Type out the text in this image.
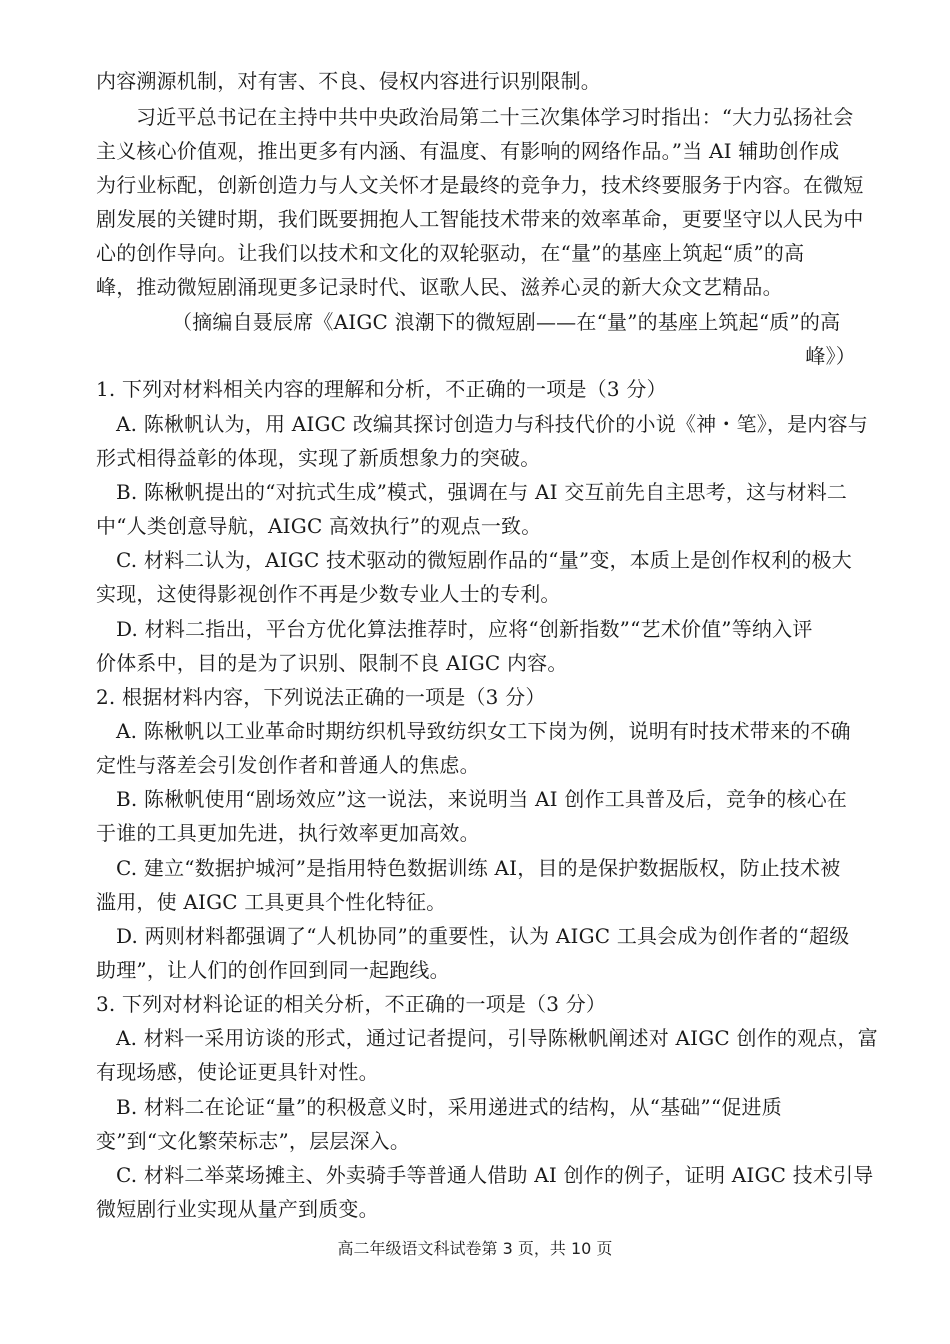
内容溯源机制，对有害、不良、侵权内容进行识别限制。
习近平总书记在主持中共中央政治局第二十三次集体学习时指出：“大力弘扬社会
主义核心价值观，推出更多有内涵、有温度、有影响的网络作品。”当 AI 辅助创作成
为行业标配，创新创造力与人文关怀才是最终的竞争力，技术终要服务于内容。在微短
剧发展的关键时期，我们既要拥抱人工智能技术带来的效率革命，更要坚守以人民为中
心的创作导向。让我们以技术和文化的双轮驱动，在“量”的基座上筑起“质”的高
峰，推动微短剧涌现更多记录时代、讴歌人民、滋养心灵的新大众文艺精品。
（摘编自聂辰席《AIGC 浪潮下的微短剧——在“量”的基座上筑起“质”的高
峰》）
1. 下列对材料相关内容的理解和分析，不正确的一项是（3 分）
A. 陈楸帆认为，用 AIGC 改编其探讨创造力与科技代价的小说《神・笔》，是内容与
形式相得益彰的体现，实现了新质想象力的突破。
B. 陈楸帆提出的“对抗式生成”模式，强调在与 AI 交互前先自主思考，这与材料二
中“人类创意导航，AIGC 高效执行”的观点一致。
C. 材料二认为，AIGC 技术驱动的微短剧作品的“量”变，本质上是创作权利的极大
实现，这使得影视创作不再是少数专业人士的专利。
D. 材料二指出，平台方优化算法推荐时，应将“创新指数”“艺术价值”等纳入评
价体系中，目的是为了识别、限制不良 AIGC 内容。
2. 根据材料内容，下列说法正确的一项是（3 分）
A. 陈楸帆以工业革命时期纺织机导致纺织女工下岗为例，说明有时技术带来的不确
定性与落差会引发创作者和普通人的焦虑。
B. 陈楸帆使用“剧场效应”这一说法，来说明当 AI 创作工具普及后，竞争的核心在
于谁的工具更加先进，执行效率更加高效。
C. 建立“数据护城河”是指用特色数据训练 AI，目的是保护数据版权，防止技术被
滥用，使 AIGC 工具更具个性化特征。
D. 两则材料都强调了“人机协同”的重要性，认为 AIGC 工具会成为创作者的“超级
助理”，让人们的创作回到同一起跑线。
3. 下列对材料论证的相关分析，不正确的一项是（3 分）
A. 材料一采用访谈的形式，通过记者提问，引导陈楸帆阐述对 AIGC 创作的观点，富
有现场感，使论证更具针对性。
B. 材料二在论证“量”的积极意义时，采用递进式的结构，从“基础”“促进质
变”到“文化繁荣标志”，层层深入。
C. 材料二举菜场摊主、外卖骑手等普通人借助 AI 创作的例子，证明 AIGC 技术引导
微短剧行业实现从量产到质变。
高二年级语文科试卷第 3 页，共 10 页
